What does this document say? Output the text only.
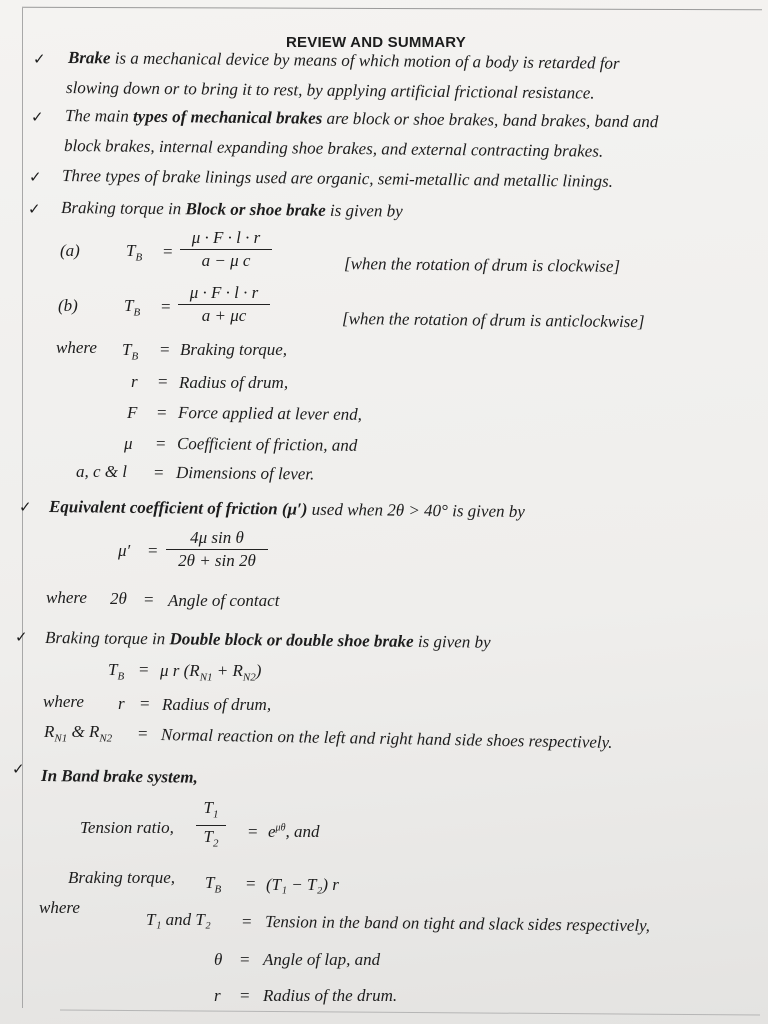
REVIEW AND SUMMARY
✓ Brake is a mechanical device by means of which motion of a body is retarded for
slowing down or to bring it to rest, by applying artificial frictional resistance.
✓ The main types of mechanical brakes are block or shoe brakes, band brakes, band and
block brakes, internal expanding shoe brakes, and external contracting brakes.
✓ Three types of brake linings used are organic, semi-metallic and metallic linings.
✓ Braking torque in Block or shoe brake is given by
(a)	$T_B = \frac{\mu \cdot F \cdot l \cdot r}{\text{a − μ c}}$	[when the rotation of drum is clockwise]
(b)	$T_B = \frac{\mu \cdot F \cdot l \cdot r}{a + \mu c}$	[when the rotation of drum is anticlockwise]
where $T_B$ = Braking torque,
r = Radius of drum,
F = Force applied at lever end,
μ = Coefficient of friction, and
a, c & l = Dimensions of lever.
✓ Equivalent coefficient of friction (μ′) used when 2θ > 40° is given by
$\mu' = \frac{\text{4μ sin θ}}{2\theta + \sin 2\theta}$
where 2θ = Angle of contact
✓ Braking torque in Double block or double shoe brake is given by
$T_B = \mu$ r $(R_{N1} + R_{N2})$
where r = Radius of drum,
$R_{N1}$ & $R_{N2}$ = Normal reaction on the left and right hand side shoes respectively.
✓ In Band brake system,
Tension ratio, $\frac{T_1}{T_2} = e^{\mu\theta}$, and
Braking torque, $T_B = (T_1 - T_2)$ r
where
T₁ and T₂ = Tension in the band on tight and slack sides respectively,
θ = Angle of lap, and
r = Radius of the drum.
